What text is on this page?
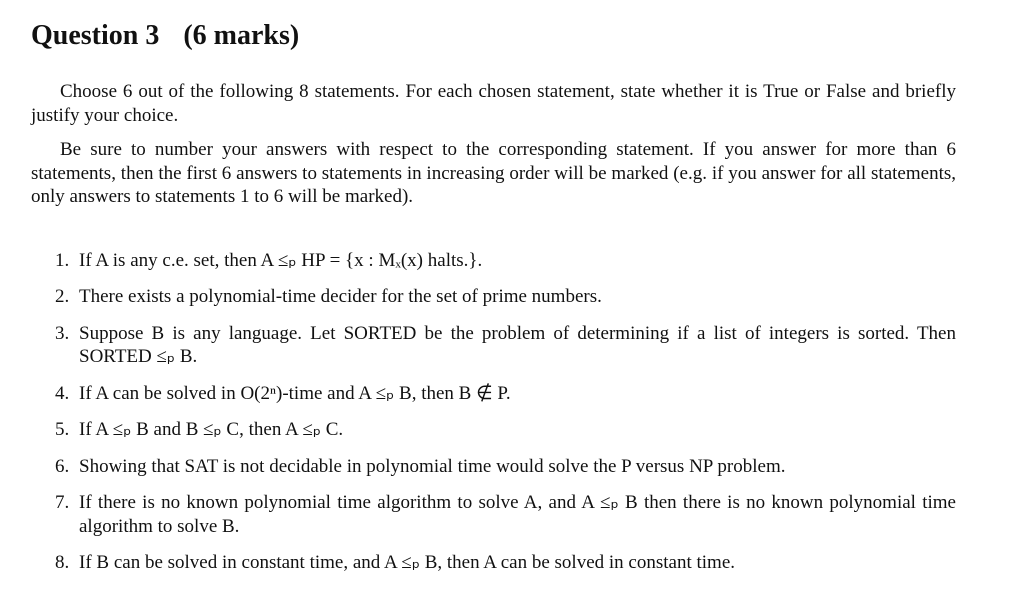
Question 3 (6 marks)

Choose 6 out of the following 8 statements. For each chosen statement, state whether it is True or False and briefly justify your choice.

Be sure to number your answers with respect to the corresponding statement. If you answer for more than 6 statements, then the first 6 answers to statements in increasing order will be marked (e.g. if you answer for all statements, only answers to statements 1 to 6 will be marked).

1. If A is any c.e. set, then A ≤ₚ HP = {x : Mₓ(x) halts.}.
2. There exists a polynomial-time decider for the set of prime numbers.
3. Suppose B is any language. Let SORTED be the problem of determining if a list of integers is sorted. Then SORTED ≤ₚ B.
4. If A can be solved in O(2ⁿ)-time and A ≤ₚ B, then B ∉ P.
5. If A ≤ₚ B and B ≤ₚ C, then A ≤ₚ C.
6. Showing that SAT is not decidable in polynomial time would solve the P versus NP problem.
7. If there is no known polynomial time algorithm to solve A, and A ≤ₚ B then there is no known polynomial time algorithm to solve B.
8. If B can be solved in constant time, and A ≤ₚ B, then A can be solved in constant time.
